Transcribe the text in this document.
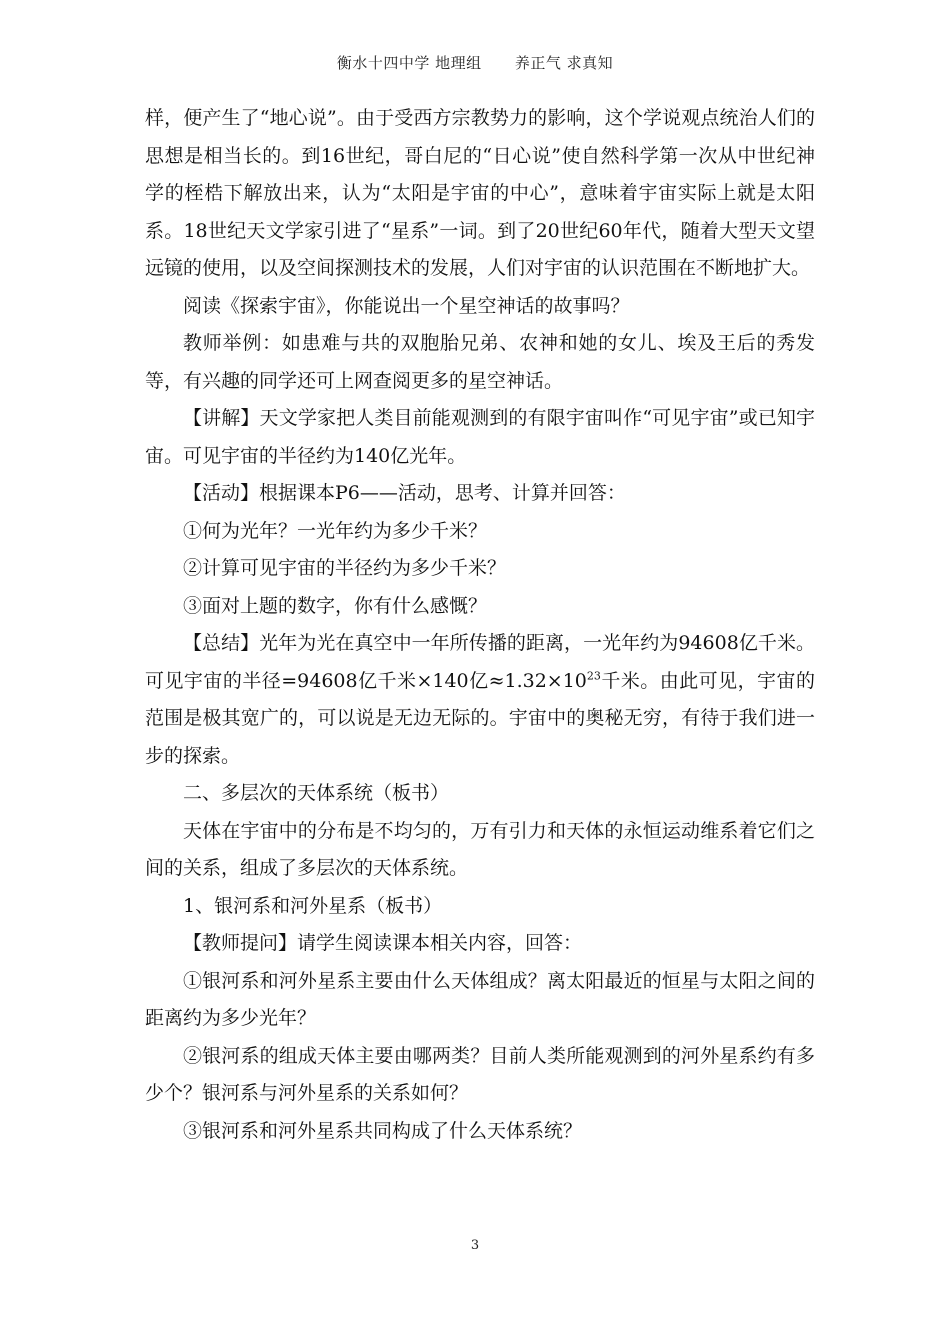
衡水十四中学 地理组 养正气 求真知

样，便产生了“地心说”。由于受西方宗教势力的影响，这个学说观点统治人们的思想是相当长的。到16世纪，哥白尼的“日心说”使自然科学第一次从中世纪神学的桎梏下解放出来，认为“太阳是宇宙的中心”，意味着宇宙实际上就是太阳系。18世纪天文学家引进了“星系”一词。到了20世纪60年代，随着大型天文望远镜的使用，以及空间探测技术的发展，人们对宇宙的认识范围在不断地扩大。

阅读《探索宇宙》，你能说出一个星空神话的故事吗？

教师举例：如患难与共的双胞胎兄弟、农神和她的女儿、埃及王后的秀发等，有兴趣的同学还可上网查阅更多的星空神话。

【讲解】天文学家把人类目前能观测到的有限宇宙叫作“可见宇宙”或已知宇宙。可见宇宙的半径约为140亿光年。

【活动】根据课本P6——活动，思考、计算并回答：

①何为光年？一光年约为多少千米？

②计算可见宇宙的半径约为多少千米？

③面对上题的数字，你有什么感慨？

【总结】光年为光在真空中一年所传播的距离，一光年约为94608亿千米。可见宇宙的半径=94608亿千米×140亿$\approx 1.32\times 10^{23}$千米。由此可见，宇宙的范围是极其宽广的，可以说是无边无际的。宇宙中的奥秘无穷，有待于我们进一步的探索。

二、多层次的天体系统（板书）

天体在宇宙中的分布是不均匀的，万有引力和天体的永恒运动维系着它们之间的关系，组成了多层次的天体系统。

1、银河系和河外星系（板书）

【教师提问】请学生阅读课本相关内容，回答：

①银河系和河外星系主要由什么天体组成？离太阳最近的恒星与太阳之间的距离约为多少光年？

②银河系的组成天体主要由哪两类？目前人类所能观测到的河外星系约有多少个？银河系与河外星系的关系如何？

③银河系和河外星系共同构成了什么天体系统？

3
